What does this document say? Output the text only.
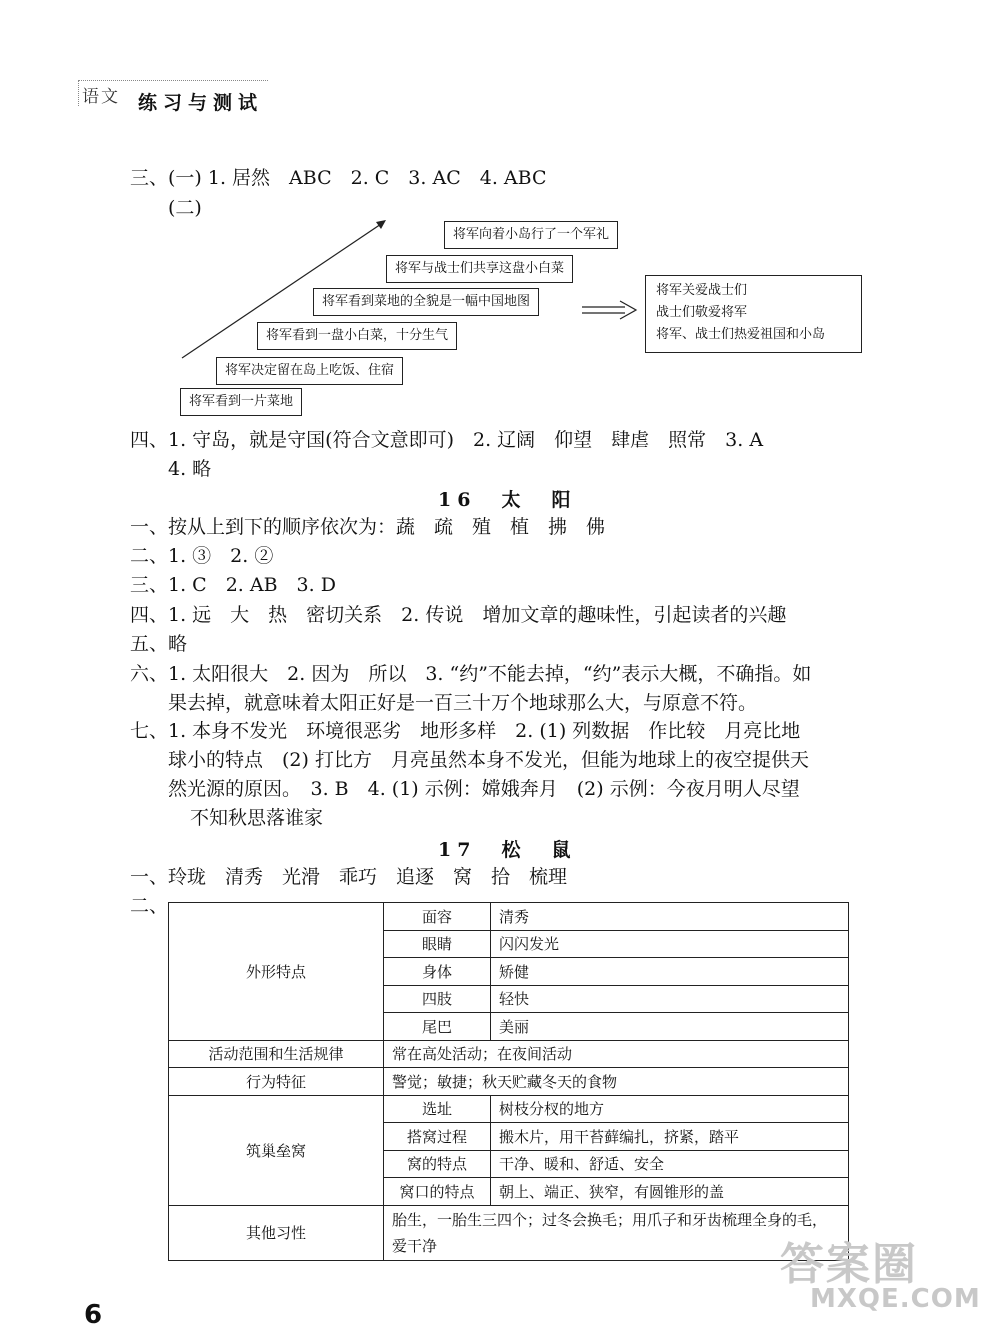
语文 练习与测试
三、(一) 1. 居然　ABC　2. C　3. AC　4. ABC
(二)
将军看到一片菜地
将军决定留在岛上吃饭、住宿
将军看到一盘小白菜，十分生气
将军看到菜地的全貌是一幅中国地图
将军与战士们共享这盘小白菜
将军向着小岛行了一个军礼
将军关爱战士们
战士们敬爱将军
将军、战士们热爱祖国和小岛
四、1. 守岛，就是守国(符合文意即可)　2. 辽阔　仰望　肆虐　照常　3. A
4. 略
16　太　阳
一、按从上到下的顺序依次为：蔬　疏　殖　植　拂　佛
二、1. ③　2. ②
三、1. C　2. AB　3. D
四、1. 远　大　热　密切关系　2. 传说　增加文章的趣味性，引起读者的兴趣
五、略
六、1. 太阳很大　2. 因为　所以　3. “约”不能去掉，“约”表示大概，不确指。如
果去掉，就意味着太阳正好是一百三十万个地球那么大，与原意不符。
七、1. 本身不发光　环境很恶劣　地形多样　2. (1) 列数据　作比较　月亮比地
球小的特点　(2) 打比方　月亮虽然本身不发光，但能为地球上的夜空提供天
然光源的原因。　3. B　4. (1) 示例：嫦娥奔月　(2) 示例：今夜月明人尽望
不知秋思落谁家
17　松　鼠
一、玲珑　清秀　光滑　乖巧　追逐　窝　拾　梳理
二、
外形特点	面容	清秀
	眼睛	闪闪发光
	身体	矫健
	四肢	轻快
	尾巴	美丽
活动范围和生活规律	常在高处活动；在夜间活动	
行为特征	警觉；敏捷；秋天贮藏冬天的食物	
筑巢垒窝	选址	树枝分杈的地方
	搭窝过程	搬木片，用干苔藓编扎，挤紧，踏平
	窝的特点	干净、暖和、舒适、安全
	窝口的特点	朝上、端正、狭窄，有圆锥形的盖
其他习性	胎生，一胎生三四个；过冬会换毛；用爪子和牙齿梳理全身的毛，爱干净	
6
答案圈
MXQE.COM
